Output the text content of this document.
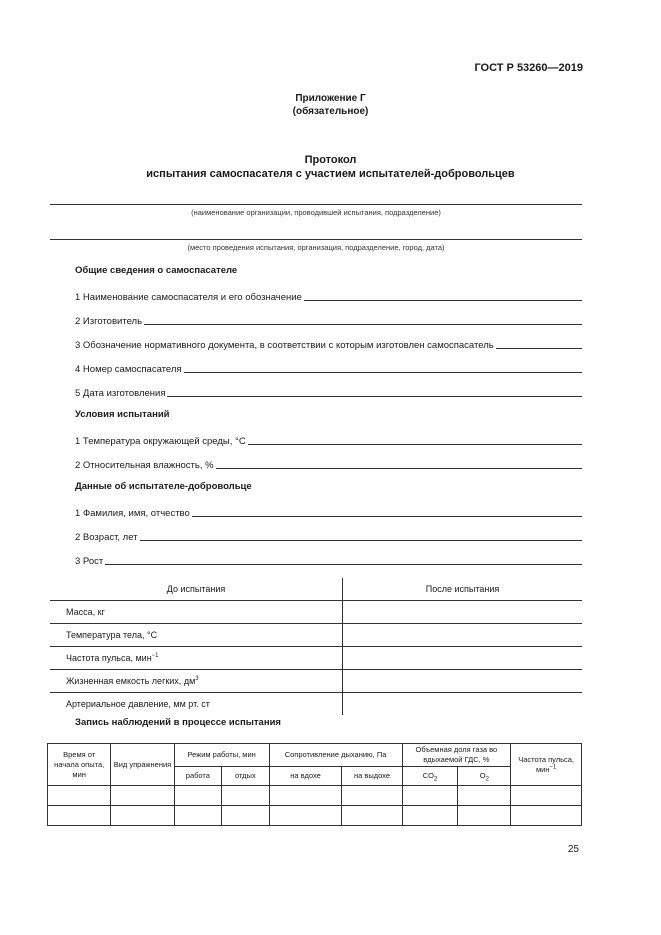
ГОСТ Р 53260—2019
Приложение Г
(обязательное)
Протокол
испытания самоспасателя с участием испытателей-добровольцев
(наименование организации, проводившей испытания, подразделение)
(место проведения испытания, организация, подразделение, город, дата)
Общие сведения о самоспасателе
1 Наименование самоспасателя и его обозначение
2 Изготовитель
3 Обозначение нормативного документа, в соответствии с которым изготовлен самоспасатель
4 Номер самоспасателя
5 Дата изготовления
Условия испытаний
1 Температура окружающей среды, °С
2 Относительная влажность, %
Данные об испытателе-добровольце
1 Фамилия, имя, отчество
2 Возраст, лет
3 Рост
До испытания	После испытания
Масса, кг	
Температура тела, °С	
Частота пульса, мин$^{-1}$	
Жизненная емкость легких, $дм^3$	
Артериальное давление, мм рт. ст	
Запись наблюдений в процессе испытания
Время от начала опыта, мин	Вид упражнения	Режим работы, мин		Сопротивление дыханию, Па		Объемная доля газа во вдыхаемой ГДС, %		Частота пульса, мин$^{-1}$
		работа	отдых	на вдохе	на выдохе	$CO_2$	$O_2$

25
